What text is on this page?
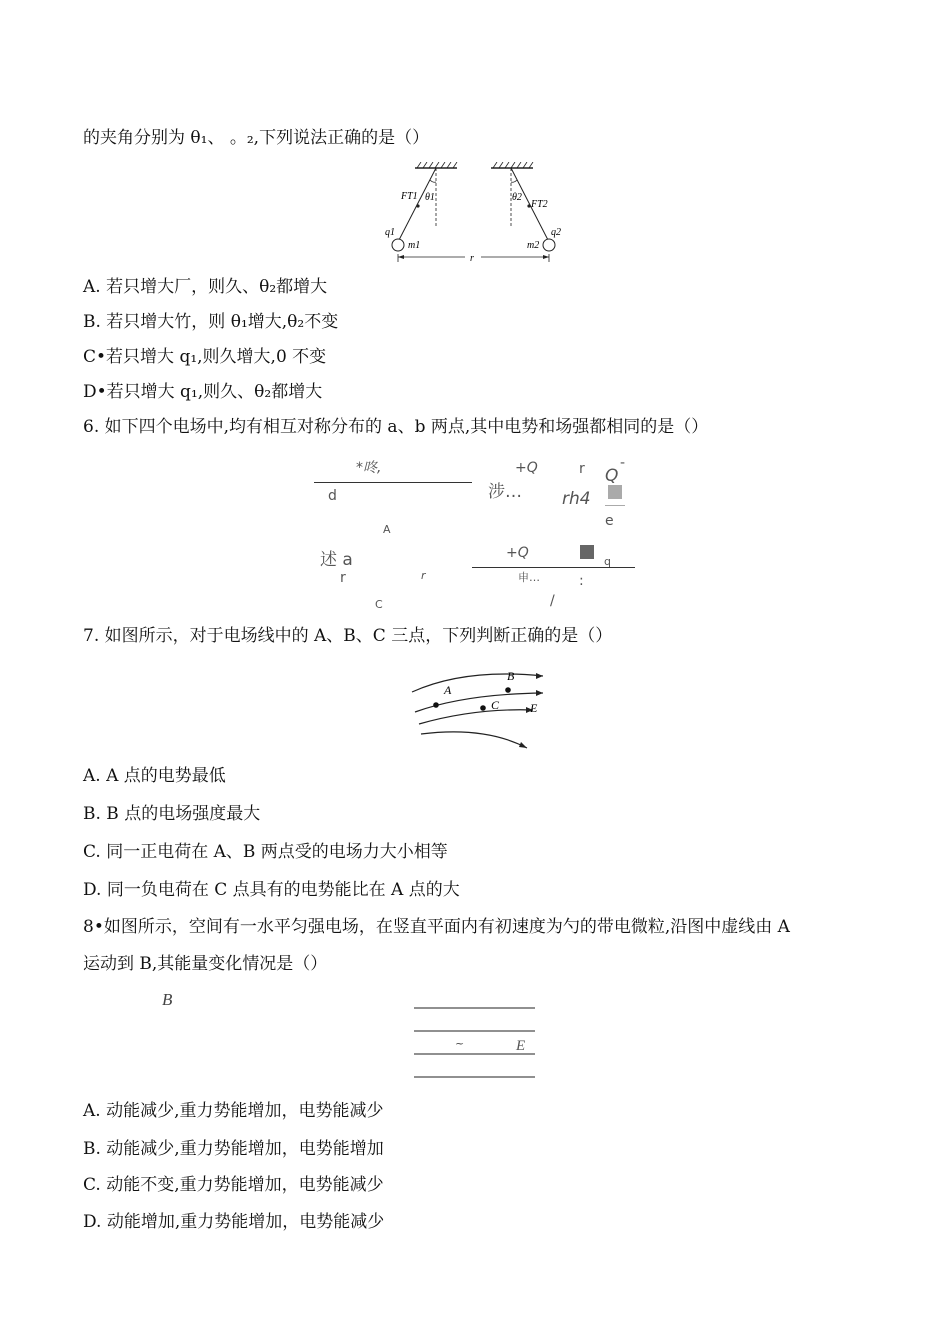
的夹角分别为 θ₁、 。₂,下列说法正确的是（）
FT1 θ1
q1
m1
FT2
θ2
q2
m2
r
A. 若只增大厂，则久、θ₂都增大
B. 若只增大竹，则 θ₁增大,θ₂不变
C•若只增大 q₁,则久增大,0 不变
D•若只增大 q₁,则久、θ₂都增大
6. 如下四个电场中,均有相互对称分布的 a、b 两点,其中电势和场强都相同的是（）
*咚,
d	涉…
+Q	r
rh4
Q
-
e
A
述 a
r	r
+Q
申…
q
:
C	/
7. 如图所示，对于电场线中的 A、B、C 三点，下列判断正确的是（）
A
B
C	E
A. A 点的电势最低
B. B 点的电场强度最大
C. 同一正电荷在 A、B 两点受的电场力大小相等
D. 同一负电荷在 C 点具有的电势能比在 A 点的大
8•如图所示，空间有一水平匀强电场，在竖直平面内有初速度为勺的带电微粒,沿图中虚线由 A
运动到 B,其能量变化情况是（）
B
~	E
A. 动能减少,重力势能增加，电势能减少
B. 动能减少,重力势能增加，电势能增加
C. 动能不变,重力势能增加，电势能减少
D. 动能增加,重力势能增加，电势能减少
